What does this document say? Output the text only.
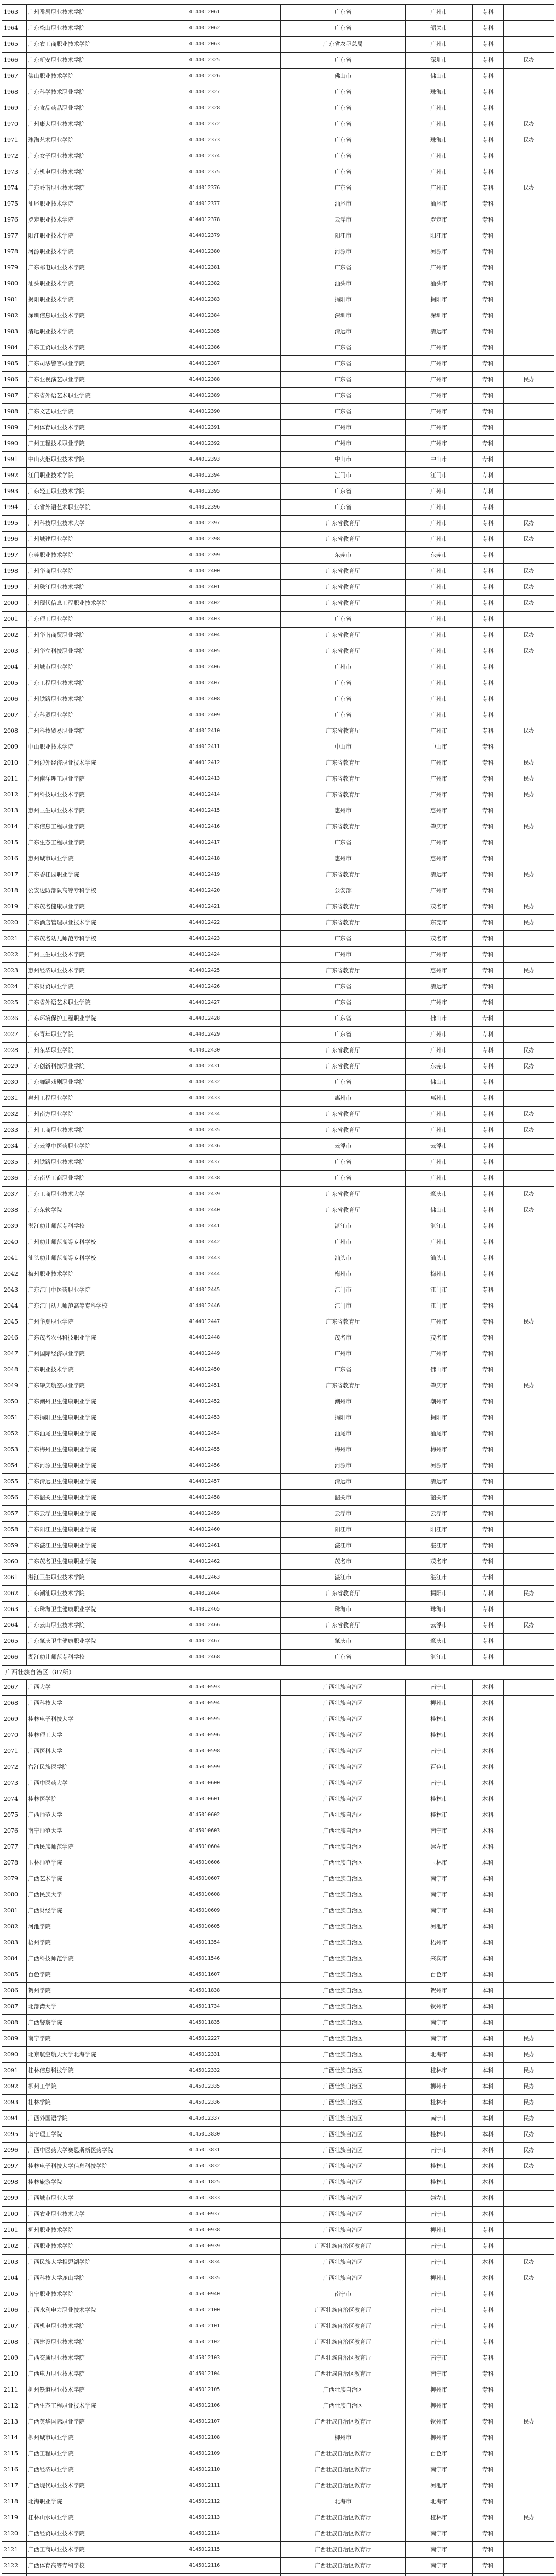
1963	广州番禺职业技术学院	4144012061	广东省	广州市	专科	
1964	广东松山职业技术学院	4144012062	广东省	韶关市	专科	
1965	广东农工商职业技术学院	4144012063	广东省农垦总局	广州市	专科	
1966	广东新安职业技术学院	4144012325	广东省	深圳市	专科	民办
1967	佛山职业技术学院	4144012326	佛山市	佛山市	专科	
1968	广东科学技术职业学院	4144012327	广东省	珠海市	专科	
1969	广东食品药品职业学院	4144012328	广东省	广州市	专科	
1970	广州康大职业技术学院	4144012372	广东省	广州市	专科	民办
1971	珠海艺术职业学院	4144012373	广东省	珠海市	专科	民办
1972	广东女子职业技术学院	4144012374	广东省	广州市	专科	
1973	广东机电职业技术学院	4144012375	广东省	广州市	专科	
1974	广东岭南职业技术学院	4144012376	广东省	广州市	专科	民办
1975	汕尾职业技术学院	4144012377	汕尾市	汕尾市	专科	
1976	罗定职业技术学院	4144012378	云浮市	罗定市	专科	
1977	阳江职业技术学院	4144012379	阳江市	阳江市	专科	
1978	河源职业技术学院	4144012380	河源市	河源市	专科	
1979	广东邮电职业技术学院	4144012381	广东省	广州市	专科	
1980	汕头职业技术学院	4144012382	汕头市	汕头市	专科	
1981	揭阳职业技术学院	4144012383	揭阳市	揭阳市	专科	
1982	深圳信息职业技术学院	4144012384	深圳市	深圳市	专科	
1983	清远职业技术学院	4144012385	清远市	清远市	专科	
1984	广东工贸职业技术学院	4144012386	广东省	广州市	专科	
1985	广东司法警官职业学院	4144012387	广东省	广州市	专科	
1986	广东亚视演艺职业学院	4144012388	广东省	广州市	专科	民办
1987	广东省外语艺术职业学院	4144012389	广东省	广州市	专科	
1988	广东文艺职业学院	4144012390	广东省	广州市	专科	
1989	广州体育职业技术学院	4144012391	广州市	广州市	专科	
1990	广州工程技术职业学院	4144012392	广州市	广州市	专科	
1991	中山火炬职业技术学院	4144012393	中山市	中山市	专科	
1992	江门职业技术学院	4144012394	江门市	江门市	专科	
1993	广东轻工职业技术学院	4144012395	广东省	广州市	专科	
1994	广东省外语艺术职业学院	4144012396	广东省	广州市	专科	
1995	广州科技职业技术大学	4144012397	广东省教育厅	广州市	专科	民办
1996	广州城建职业学院	4144012398	广东省教育厅	广州市	专科	民办
1997	东莞职业技术学院	4144012399	东莞市	东莞市	专科	
1998	广州华商职业学院	4144012400	广东省教育厅	广州市	专科	民办
1999	广州珠江职业技术学院	4144012401	广东省教育厅	广州市	专科	民办
2000	广州现代信息工程职业技术学院	4144012402	广东省教育厅	广州市	专科	民办
2001	广东理工职业学院	4144012403	广东省	广州市	专科	
2002	广州华南商贸职业学院	4144012404	广东省教育厅	广州市	专科	民办
2003	广州华立科技职业学院	4144012405	广东省教育厅	广州市	专科	民办
2004	广州城市职业学院	4144012406	广州市	广州市	专科	
2005	广东工程职业技术学院	4144012407	广东省	广州市	专科	
2006	广州铁路职业技术学院	4144012408	广东省	广州市	专科	
2007	广东科贸职业学院	4144012409	广东省	广州市	专科	
2008	广州科技贸易职业学院	4144012410	广东省教育厅	广州市	专科	民办
2009	中山职业技术学院	4144012411	中山市	中山市	专科	
2010	广州涉外经济职业技术学院	4144012412	广东省教育厅	广州市	专科	民办
2011	广州南洋理工职业学院	4144012413	广东省教育厅	广州市	专科	民办
2012	广州科技职业技术学院	4144012414	广东省教育厅	广州市	专科	民办
2013	惠州卫生职业技术学院	4144012415	惠州市	惠州市	专科	
2014	广东信息工程职业学院	4144012416	广东省教育厅	肇庆市	专科	民办
2015	广东生态工程职业学院	4144012417	广东省	广州市	专科	
2016	惠州城市职业学院	4144012418	惠州市	惠州市	专科	
2017	广东碧桂园职业学院	4144012419	广东省教育厅	清远市	专科	民办
2018	公安边防部队高等专科学校	4144012420	公安部	广州市	专科	
2019	广东茂名健康职业学院	4144012421	广东省教育厅	茂名市	专科	民办
2020	广东酒店管理职业技术学院	4144012422	广东省教育厅	东莞市	专科	民办
2021	广东茂名幼儿师范专科学校	4144012423	广东省	茂名市	专科	
2022	广州卫生职业技术学院	4144012424	广州市	广州市	专科	
2023	惠州经济职业技术学院	4144012425	广东省教育厅	惠州市	专科	民办
2024	广东财贸职业学院	4144012426	广东省	清远市	专科	
2025	广东省外语艺术职业学院	4144012427	广东省	广州市	专科	
2026	广东环境保护工程职业学院	4144012428	广东省	佛山市	专科	
2027	广东青年职业学院	4144012429	广东省	广州市	专科	
2028	广州东华职业学院	4144012430	广东省教育厅	广州市	专科	民办
2029	广东创新科技职业学院	4144012431	广东省教育厅	东莞市	专科	民办
2030	广东舞蹈戏剧职业学院	4144012432	广东省	佛山市	专科	
2031	惠州工程职业学院	4144012433	惠州市	惠州市	专科	
2032	广州南方职业学院	4144012434	广东省教育厅	广州市	专科	民办
2033	广州工商职业技术学院	4144012435	广东省教育厅	广州市	专科	民办
2034	广东云浮中医药职业学院	4144012436	云浮市	云浮市	专科	
2035	广州铁路职业技术学院	4144012437	广东省	广州市	专科	
2036	广东南华工商职业学院	4144012438	广东省	广州市	专科	
2037	广东工商职业技术大学	4144012439	广东省教育厅	肇庆市	专科	民办
2038	广东东软学院	4144012440	广东省教育厅	佛山市	专科	民办
2039	湛江幼儿师范专科学校	4144012441	湛江市	湛江市	专科	
2040	广州幼儿师范高等专科学校	4144012442	广州市	广州市	专科	
2041	汕头幼儿师范高等专科学校	4144012443	汕头市	汕头市	专科	
2042	梅州职业技术学院	4144012444	梅州市	梅州市	专科	
2043	广东江门中医药职业学院	4144012445	江门市	江门市	专科	
2044	广东江门幼儿师范高等专科学校	4144012446	江门市	江门市	专科	
2045	广州华夏职业学院	4144012447	广东省教育厅	广州市	专科	民办
2046	广东茂名农林科技职业学院	4144012448	茂名市	茂名市	专科	
2047	广州国际经济职业学院	4144012449	广州市	广州市	专科	
2048	广东职业技术学院	4144012450	广东省	佛山市	专科	
2049	广东肇庆航空职业学院	4144012451	广东省教育厅	肇庆市	专科	民办
2050	广东潮州卫生健康职业学院	4144012452	潮州市	潮州市	专科	
2051	广东揭阳卫生健康职业学院	4144012453	揭阳市	揭阳市	专科	
2052	广东汕尾卫生健康职业学院	4144012454	汕尾市	汕尾市	专科	
2053	广东梅州卫生健康职业学院	4144012455	梅州市	梅州市	专科	
2054	广东河源卫生健康职业学院	4144012456	河源市	河源市	专科	
2055	广东清远卫生健康职业学院	4144012457	清远市	清远市	专科	
2056	广东韶关卫生健康职业学院	4144012458	韶关市	韶关市	专科	
2057	广东云浮卫生健康职业学院	4144012459	云浮市	云浮市	专科	
2058	广东阳江卫生健康职业学院	4144012460	阳江市	阳江市	专科	
2059	广东湛江卫生健康职业学院	4144012461	湛江市	湛江市	专科	
2060	广东茂名卫生健康职业学院	4144012462	茂名市	茂名市	专科	
2061	湛江卫生职业技术学院	4144012463	湛江市	湛江市	专科	
2062	广东潮汕职业技术学院	4144012464	广东省教育厅	揭阳市	专科	民办
2063	广东珠海卫生健康职业学院	4144012465	珠海市	珠海市	专科	
2064	广东云山职业技术学院	4144012466	广东省教育厅	云浮市	专科	民办
2065	广东肇庆卫生健康职业学院	4144012467	肇庆市	肇庆市	专科	
2066	湖江幼儿师范专科学校	4144012468	广东省	湛江市	专科	
广西壮族自治区（87所）
2067	广西大学	4145010593	广西壮族自治区	南宁市	本科	
2068	广西科技大学	4145010594	广西壮族自治区	柳州市	本科	
2069	桂林电子科技大学	4145010595	广西壮族自治区	桂林市	本科	
2070	桂林理工大学	4145010596	广西壮族自治区	桂林市	本科	
2071	广西医科大学	4145010598	广西壮族自治区	南宁市	本科	
2072	右江民族医学院	4145010599	广西壮族自治区	百色市	本科	
2073	广西中医药大学	4145010600	广西壮族自治区	南宁市	本科	
2074	桂林医学院	4145010601	广西壮族自治区	桂林市	本科	
2075	广西师范大学	4145010602	广西壮族自治区	桂林市	本科	
2076	南宁师范大学	4145010603	广西壮族自治区	南宁市	本科	
2077	广西民族师范学院	4145010604	广西壮族自治区	崇左市	本科	
2078	玉林师范学院	4145010606	广西壮族自治区	玉林市	本科	
2079	广西艺术学院	4145010607	广西壮族自治区	南宁市	本科	
2080	广西民族大学	4145010608	广西壮族自治区	南宁市	本科	
2081	广西财经学院	4145010609	广西壮族自治区	南宁市	本科	
2082	河池学院	4145010605	广西壮族自治区	河池市	本科	
2083	梧州学院	4145011354	广西壮族自治区	梧州市	本科	
2084	广西科技师范学院	4145011546	广西壮族自治区	来宾市	本科	
2085	百色学院	4145011607	广西壮族自治区	百色市	本科	
2086	贺州学院	4145011838	广西壮族自治区	贺州市	本科	
2087	北部湾大学	4145011734	广西壮族自治区	钦州市	本科	
2088	广西警察学院	4145011835	广西壮族自治区	南宁市	本科	
2089	南宁学院	4145012227	广西壮族自治区	南宁市	本科	民办
2090	北京航空航天大学北海学院	4145012331	广西壮族自治区	北海市	本科	民办
2091	桂林信息科技学院	4145012332	广西壮族自治区	桂林市	本科	民办
2092	柳州工学院	4145012335	广西壮族自治区	柳州市	本科	民办
2093	桂林学院	4145012336	广西壮族自治区	桂林市	本科	民办
2094	广西外国语学院	4145012337	广西壮族自治区	南宁市	本科	民办
2095	南宁理工学院	4145013830	广西壮族自治区	桂林市	本科	民办
2096	广西中医药大学赛恩斯新医药学院	4145013831	广西壮族自治区	南宁市	本科	民办
2097	桂林电子科技大学信息科技学院	4145013832	广西壮族自治区	桂林市	本科	民办
2098	桂林旅游学院	4145011825	广西壮族自治区	桂林市	本科	
2099	广西城市职业大学	4145013833	广西壮族自治区	崇左市	本科	
2100	广西农业职业技术大学	4145010937	广西壮族自治区	南宁市	本科	
2101	柳州职业技术学院	4145010938	广西壮族自治区	柳州市	专科	
2102	广西职业技术学院	4145010939	广西壮族自治区教育厅	南宁市	专科	
2103	广西民族大学相思湖学院	4145013834	广西壮族自治区	南宁市	本科	民办
2104	广西科技大学鹿山学院	4145013835	广西壮族自治区	柳州市	本科	民办
2105	南宁职业技术学院	4145010940	南宁市	南宁市	专科	
2106	广西水利电力职业技术学院	4145012100	广西壮族自治区教育厅	南宁市	专科	
2107	广西机电职业技术学院	4145012101	广西壮族自治区教育厅	南宁市	专科	
2108	广西建设职业技术学院	4145012102	广西壮族自治区教育厅	南宁市	专科	
2109	广西交通职业技术学院	4145012103	广西壮族自治区教育厅	南宁市	专科	
2110	广西电力职业技术学院	4145012104	广西壮族自治区教育厅	南宁市	专科	
2111	柳州铁道职业技术学院	4145012105	广西壮族自治区	柳州市	专科	
2112	广西生态工程职业技术学院	4145012106	广西壮族自治区	柳州市	专科	
2113	广西英华国际职业学院	4145012107	广西壮族自治区教育厅	钦州市	专科	民办
2114	柳州城市职业学院	4145012108	柳州市	柳州市	专科	
2115	广西工程职业学院	4145012109	广西壮族自治区教育厅	百色市	专科	
2116	广西经济职业学院	4145012110	广西壮族自治区教育厅	南宁市	专科	
2117	广西现代职业技术学院	4145012111	广西壮族自治区教育厅	河池市	专科	
2118	北海职业学院	4145012112	北海市	北海市	专科	
2119	桂林山水职业学院	4145012113	广西壮族自治区教育厅	桂林市	专科	民办
2120	广西经贸职业技术学院	4145012114	广西壮族自治区教育厅	南宁市	专科	
2121	广西工商职业技术学院	4145012115	广西壮族自治区教育厅	南宁市	专科	
2122	广西体育高等专科学校	4145012116	广西壮族自治区教育厅	南宁市	专科	
